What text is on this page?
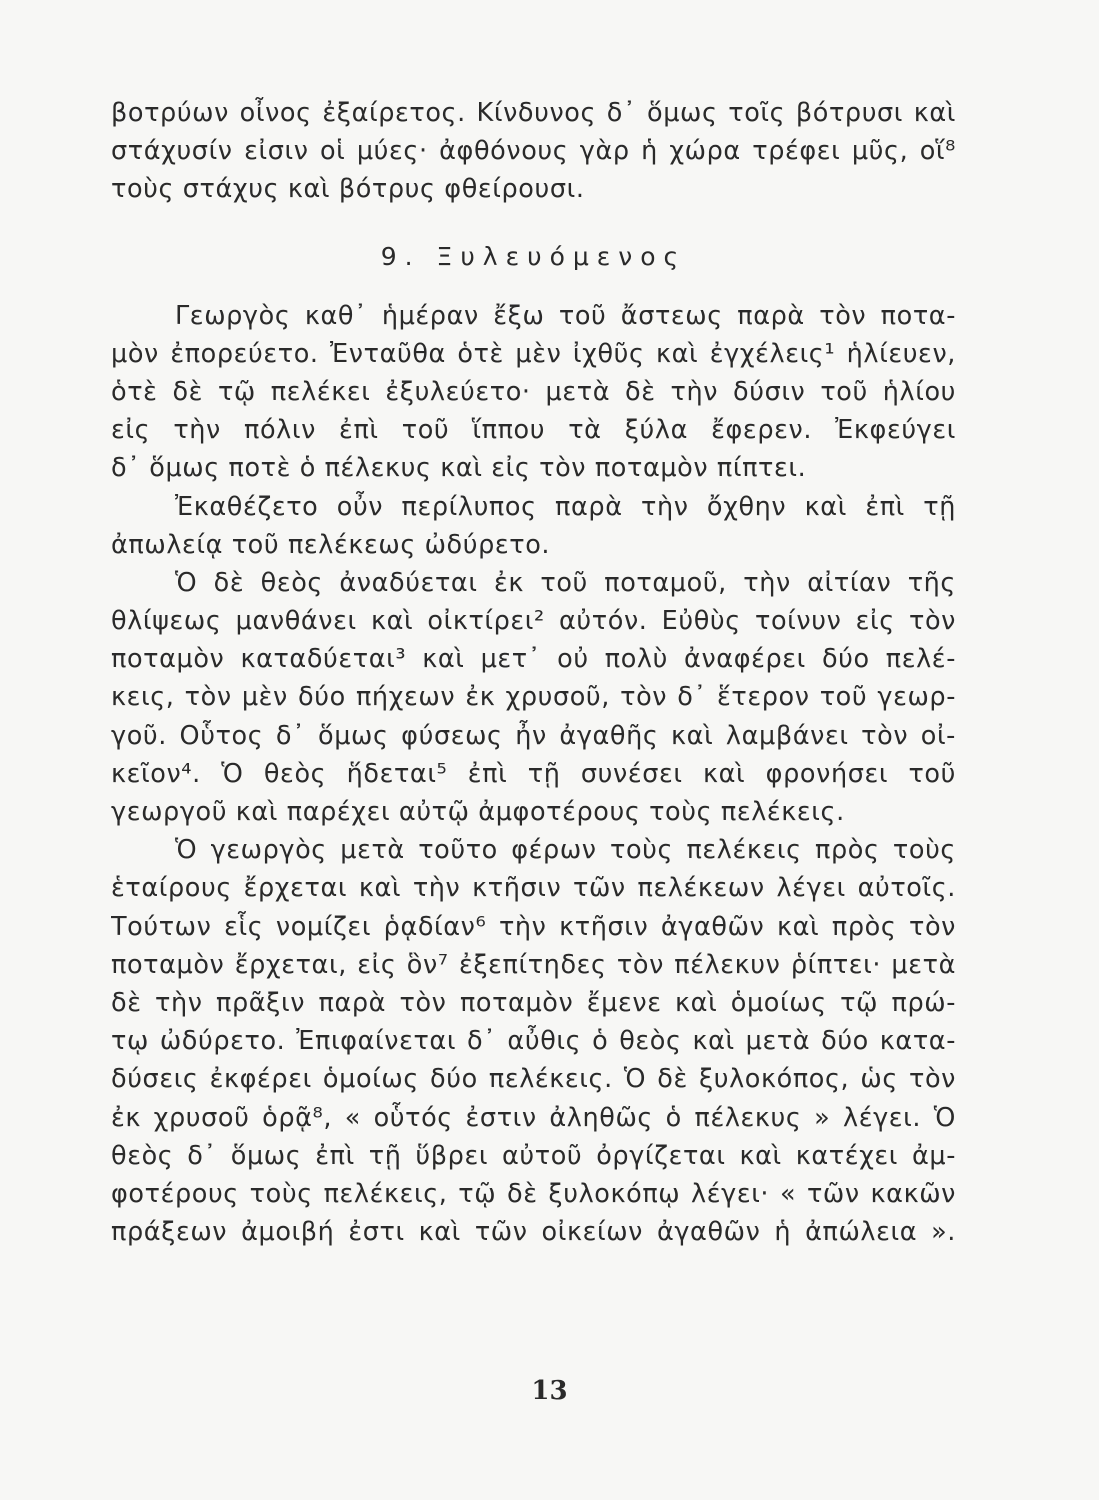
βοτρύων οἶνος ἐξαίρετος. Κίνδυνος δ᾽ ὅμως τοῖς βότρυσι καὶ
στάχυσίν εἰσιν οἱ μύες· ἀφθόνους γὰρ ἡ χώρα τρέφει μῦς, οἵ⁸
τοὺς στάχυς καὶ βότρυς φθείρουσι.
9. Ξυλευόμενος
Γεωργὸς καθ᾽ ἡμέραν ἔξω τοῦ ἄστεως παρὰ τὸν ποτα-
μὸν ἐπορεύετο. Ἐνταῦθα ὁτὲ μὲν ἰχθῦς καὶ ἐγχέλεις¹ ἡλίευεν,
ὁτὲ δὲ τῷ πελέκει ἐξυλεύετο· μετὰ δὲ τὴν δύσιν τοῦ ἡλίου
εἰς τὴν πόλιν ἐπὶ τοῦ ἵππου τὰ ξύλα ἔφερεν. Ἐκφεύγει
δ᾽ ὅμως ποτὲ ὁ πέλεκυς καὶ εἰς τὸν ποταμὸν πίπτει.
Ἐκαθέζετο οὖν περίλυπος παρὰ τὴν ὄχθην καὶ ἐπὶ τῇ
ἀπωλείᾳ τοῦ πελέκεως ὠδύρετο.
Ὁ δὲ θεὸς ἀναδύεται ἐκ τοῦ ποταμοῦ, τὴν αἰτίαν τῆς
θλίψεως μανθάνει καὶ οἰκτίρει² αὐτόν. Εὐθὺς τοίνυν εἰς τὸν
ποταμὸν καταδύεται³ καὶ μετ᾽ οὐ πολὺ ἀναφέρει δύο πελέ-
κεις, τὸν μὲν δύο πήχεων ἐκ χρυσοῦ, τὸν δ᾽ ἕτερον τοῦ γεωρ-
γοῦ. Οὗτος δ᾽ ὅμως φύσεως ἦν ἀγαθῆς καὶ λαμβάνει τὸν οἰ-
κεῖον⁴. Ὁ θεὸς ἥδεται⁵ ἐπὶ τῇ συνέσει καὶ φρονήσει τοῦ
γεωργοῦ καὶ παρέχει αὐτῷ ἀμφοτέρους τοὺς πελέκεις.
Ὁ γεωργὸς μετὰ τοῦτο φέρων τοὺς πελέκεις πρὸς τοὺς
ἑταίρους ἔρχεται καὶ τὴν κτῆσιν τῶν πελέκεων λέγει αὐτοῖς.
Τούτων εἷς νομίζει ῥᾳδίαν⁶ τὴν κτῆσιν ἀγαθῶν καὶ πρὸς τὸν
ποταμὸν ἔρχεται, εἰς ὃν⁷ ἐξεπίτηδες τὸν πέλεκυν ῥίπτει· μετὰ
δὲ τὴν πρᾶξιν παρὰ τὸν ποταμὸν ἔμενε καὶ ὁμοίως τῷ πρώ-
τῳ ὠδύρετο. Ἐπιφαίνεται δ᾽ αὖθις ὁ θεὸς καὶ μετὰ δύο κατα-
δύσεις ἐκφέρει ὁμοίως δύο πελέκεις. Ὁ δὲ ξυλοκόπος, ὡς τὸν
ἐκ χρυσοῦ ὁρᾷ⁸, « οὗτός ἐστιν ἀληθῶς ὁ πέλεκυς » λέγει. Ὁ
θεὸς δ᾽ ὅμως ἐπὶ τῇ ὕβρει αὐτοῦ ὀργίζεται καὶ κατέχει ἀμ-
φοτέρους τοὺς πελέκεις, τῷ δὲ ξυλοκόπῳ λέγει· « τῶν κακῶν
πράξεων ἀμοιβή ἐστι καὶ τῶν οἰκείων ἀγαθῶν ἡ ἀπώλεια ».
13
